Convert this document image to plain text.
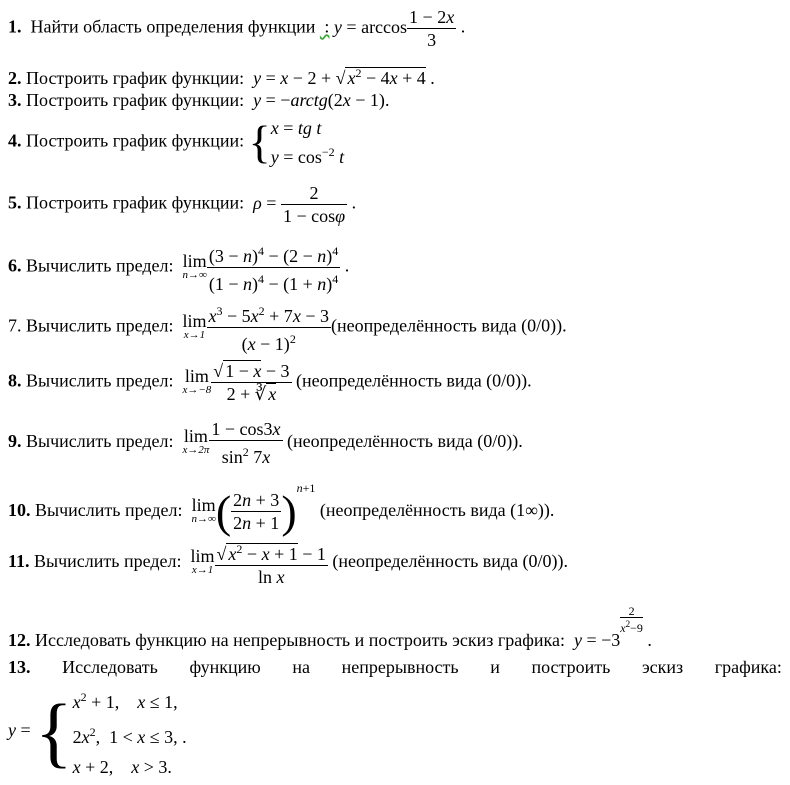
1. Найти область определения функции  : $y = \arccos \frac{1 - 2x}{3}$ .
2. Построить график функции: y = x − 2 + √ $x^2 - 4x + 4$ .
3. Построить график функции: y = −arctg(2x − 1).
4. Построить график функции: {x = tg t
$y = \cos^{-2} t$
5. Построить график функции: $\rho = \frac{2}{1 - \cos\varphi}$ .
6. Вычислить предел: lim
$n\to\infty \frac{(3 - n)^4 - (2 - n)^4}{(1 - n)^4 - (1 + n)^4}$ .
7. Вычислить предел: lim
$x\to 1 \frac{x^3 - 5x^2 + 7x - 3}{(x - 1)^2}$ (неопределённость вида (0/0)).
8. Вычислить предел: lim
$x\to-8 \frac{√ 1 - x - 3}{2 + ∛ x}$ (неопределённость вида (0/0)).
9. Вычислить предел: lim
$x\to 2\pi \frac{1 - \cos 3x}{\sin^2 7x}$ (неопределённость вида (0/0)).
10. Вычислить предел: lim
n→∞ ( $\frac{2n + 3}{2n + 1} )^{n+1}$ (неопределённость вида (1∞)).
11. Вычислить предел: lim
$x\to 1 \frac{√ x^2 - x + 1 - 1}{\text{ln x}}$ (неопределённость вида (0/0)).
12. Исследовать функцию на непрерывность и построить эскиз графика: y = −3
$^{\frac{2}{x^2-9}}$
.
13. Исследовать функцию на непрерывность и построить эскиз графика:
$y = \{x^2 + 1$,    x ≤ 1,
$2x^2$,  1 < x ≤ 3, .
x + 2,    x > 3.
